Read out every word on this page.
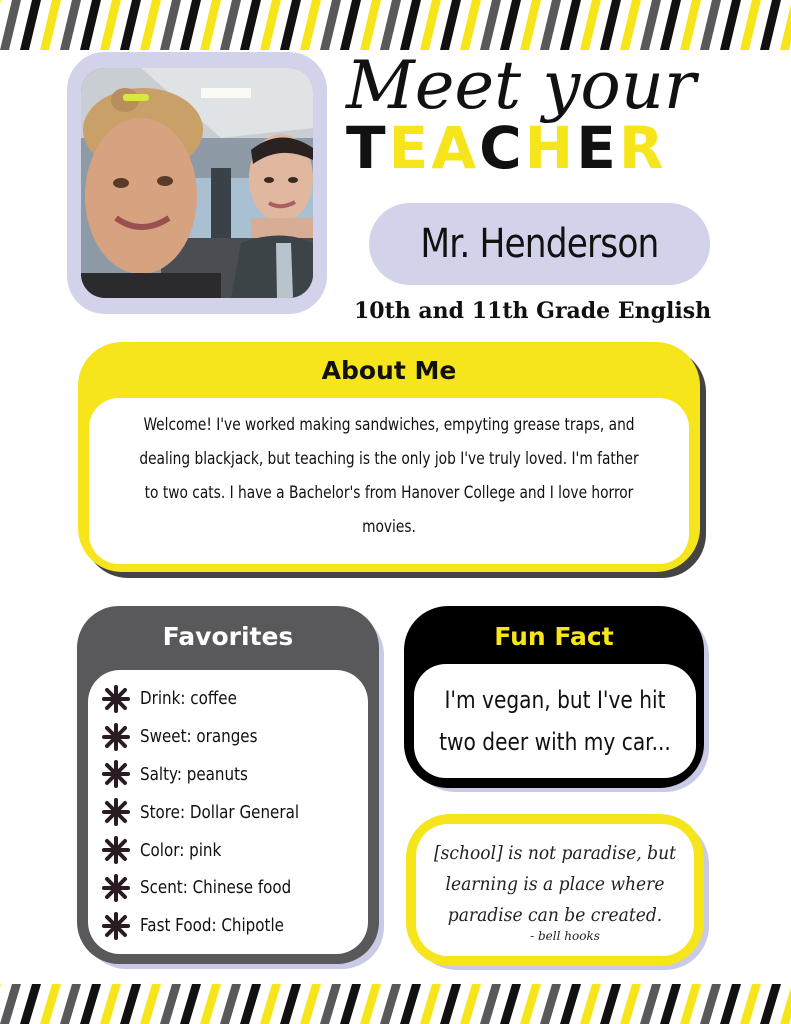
Meet your
TEACHER
Mr. Henderson
10th and 11th Grade English
About Me

Welcome! I've worked making sandwiches, empyting grease traps, and dealing blackjack, but teaching is the only job I've truly loved. I'm father to two cats. I have a Bachelor's from Hanover College and I love horror movies.

Favorites
Drink: coffee
Sweet: oranges
Salty: peanuts
Store: Dollar General
Color: pink
Scent: Chinese food
Fast Food: Chipotle
Fun Fact

I'm vegan, but I've hit two deer with my car...

[school] is not paradise, but learning is a place where paradise can be created.

- bell hooks
